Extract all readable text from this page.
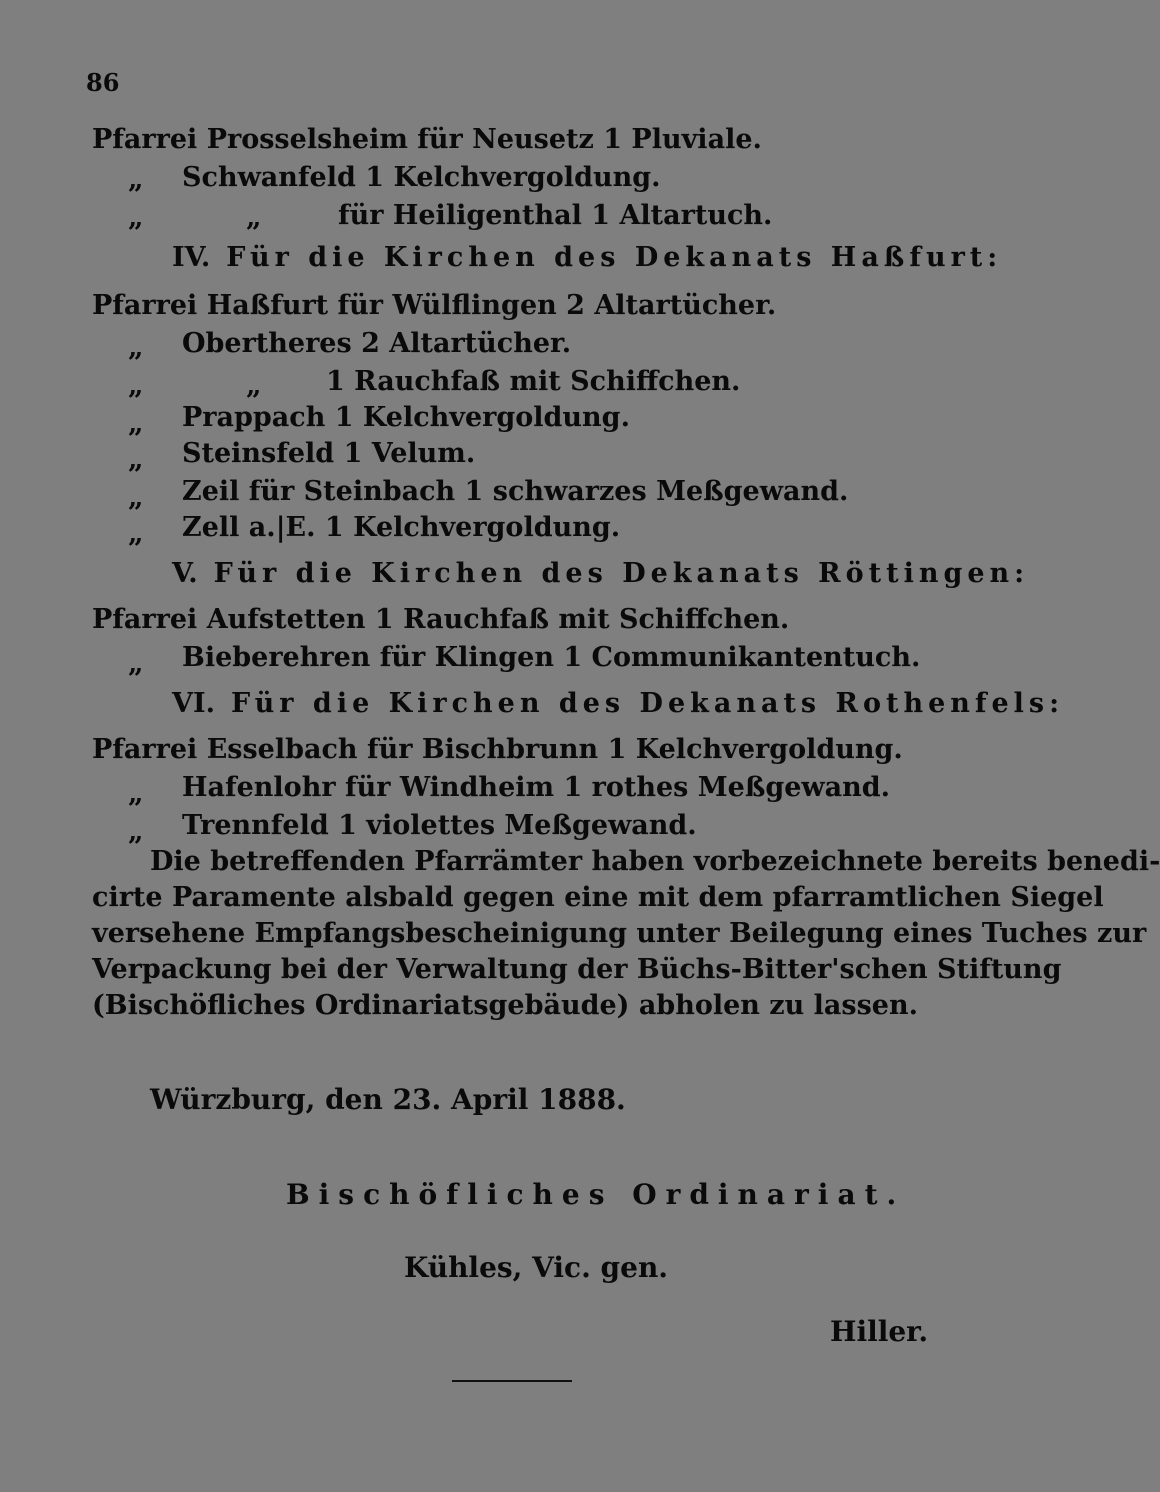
86
Pfarrei Prosselsheim für Neusetz 1 Pluviale.
„ Schwanfeld 1 Kelchvergoldung.
„	„	für Heiligenthal 1 Altartuch.
IV. Für die Kirchen des Dekanats Haßfurt:
Pfarrei Haßfurt für Wülflingen 2 Altartücher.
„ Obertheres 2 Altartücher.
„	„ 1 Rauchfaß mit Schiffchen.
„ Prappach 1 Kelchvergoldung.
„ Steinsfeld 1 Velum.
„ Zeil für Steinbach 1 schwarzes Meßgewand.
„ Zell a.|E. 1 Kelchvergoldung.
V. Für die Kirchen des Dekanats Röttingen:
Pfarrei Aufstetten 1 Rauchfaß mit Schiffchen.
„ Bieberehren für Klingen 1 Communikantentuch.
VI. Für die Kirchen des Dekanats Rothenfels:
Pfarrei Esselbach für Bischbrunn 1 Kelchvergoldung.
„ Hafenlohr für Windheim 1 rothes Meßgewand.
„ Trennfeld 1 violettes Meßgewand.
Die betreffenden Pfarrämter haben vorbezeichnete bereits benedi-
cirte Paramente alsbald gegen eine mit dem pfarramtlichen Siegel
versehene Empfangsbescheinigung unter Beilegung eines Tuches zur
Verpackung bei der Verwaltung der Büchs-Bitter'schen Stiftung
(Bischöfliches Ordinariatsgebäude) abholen zu lassen.
Würzburg, den 23. April 1888.
Bischöfliches Ordinariat.
Kühles, Vic. gen.
Hiller.
